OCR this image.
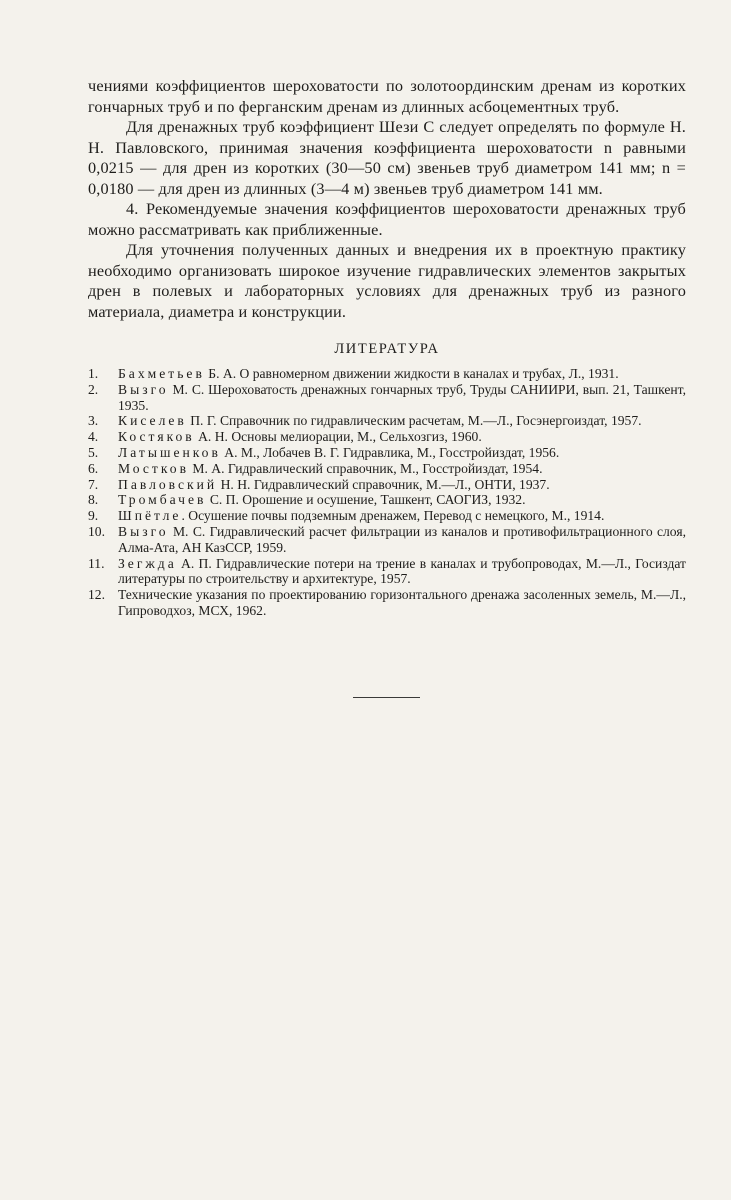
чениями коэффициентов шероховатости по золотоординским дренам из коротких гончарных труб и по ферганским дренам из длинных асбоцементных труб.

Для дренажных труб коэффициент Шези C следует определять по формуле Н. Н. Павловского, принимая значения коэффициента шероховатости n равными 0,0215 — для дрен из коротких (30—50 см) звеньев труб диаметром 141 мм; n = 0,0180 — для дрен из длинных (3—4 м) звеньев труб диаметром 141 мм.

4. Рекомендуемые значения коэффициентов шероховатости дренажных труб можно рассматривать как приближенные.

Для уточнения полученных данных и внедрения их в проектную практику необходимо организовать широкое изучение гидравлических элементов закрытых дрен в полевых и лабораторных условиях для дренажных труб из разного материала, диаметра и конструкции.

ЛИТЕРАТУРА
1.	Бахметьев Б. А. О равномерном движении жидкости в каналах и трубах, Л., 1931.
2.	Вызго М. С. Шероховатость дренажных гончарных труб, Труды САНИИРИ, вып. 21, Ташкент, 1935.
3.	Киселев П. Г. Справочник по гидравлическим расчетам, М.—Л., Госэнергоиздат, 1957.
4.	Костяков А. Н. Основы мелиорации, М., Сельхозгиз, 1960.
5.	Латышенков А. М., Лобачев В. Г. Гидравлика, М., Госстройиздат, 1956.
6.	Мостков М. А. Гидравлический справочник, М., Госстройиздат, 1954.
7.	Павловский Н. Н. Гидравлический справочник, М.—Л., ОНТИ, 1937.
8.	Тромбачев С. П. Орошение и осушение, Ташкент, САОГИЗ, 1932.
9.	Шпётле. Осушение почвы подземным дренажем, Перевод с немецкого, М., 1914.
10. Вызго М. С. Гидравлический расчет фильтрации из каналов и противофильтрационного слоя, Алма-Ата, АН КазССР, 1959.
11. Зегжда А. П. Гидравлические потери на трение в каналах и трубопроводах, М.—Л., Госиздат литературы по строительству и архитектуре, 1957.
12. Технические указания по проектированию горизонтального дренажа засоленных земель, М.—Л., Гипроводхоз, МСХ, 1962.
